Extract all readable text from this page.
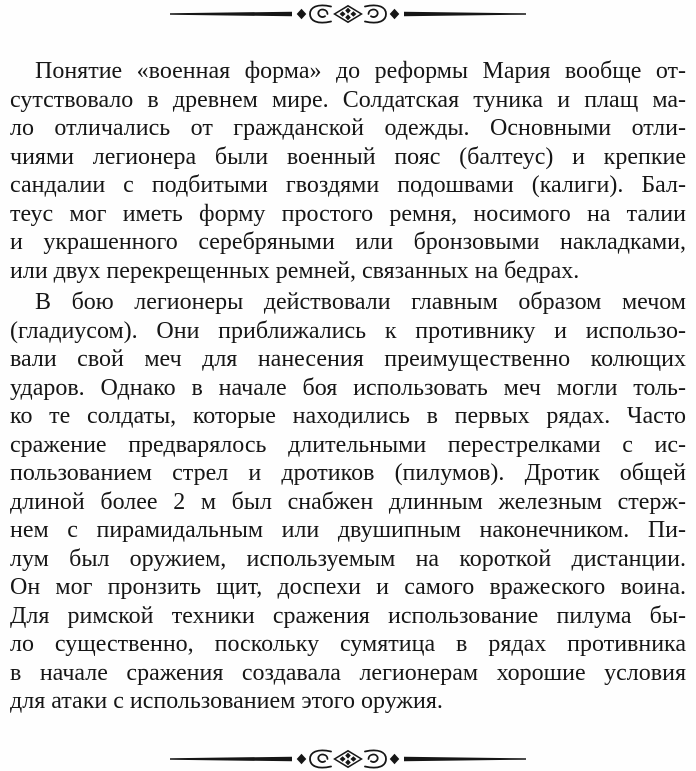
Понятие «военная форма» до реформы Мария вообще от-
сутствовало в древнем мире. Солдатская туника и плащ ма-
ло отличались от гражданской одежды. Основными отли-
чиями легионера были военный пояс (балтеус) и крепкие
сандалии с подбитыми гвоздями подошвами (калиги). Бал-
теус мог иметь форму простого ремня, носимого на талии
и украшенного серебряными или бронзовыми накладками,
или двух перекрещенных ремней, связанных на бедрах.
В бою легионеры действовали главным образом мечом
(гладиусом). Они приближались к противнику и использо-
вали свой меч для нанесения преимущественно колющих
ударов. Однако в начале боя использовать меч могли толь-
ко те солдаты, которые находились в первых рядах. Часто
сражение предварялось длительными перестрелками с ис-
пользованием стрел и дротиков (пилумов). Дротик общей
длиной более 2 м был снабжен длинным железным стерж-
нем с пирамидальным или двушипным наконечником. Пи-
лум был оружием, используемым на короткой дистанции.
Он мог пронзить щит, доспехи и самого вражеского воина.
Для римской техники сражения использование пилума бы-
ло существенно, поскольку сумятица в рядах противника
в начале сражения создавала легионерам хорошие условия
для атаки с использованием этого оружия.
